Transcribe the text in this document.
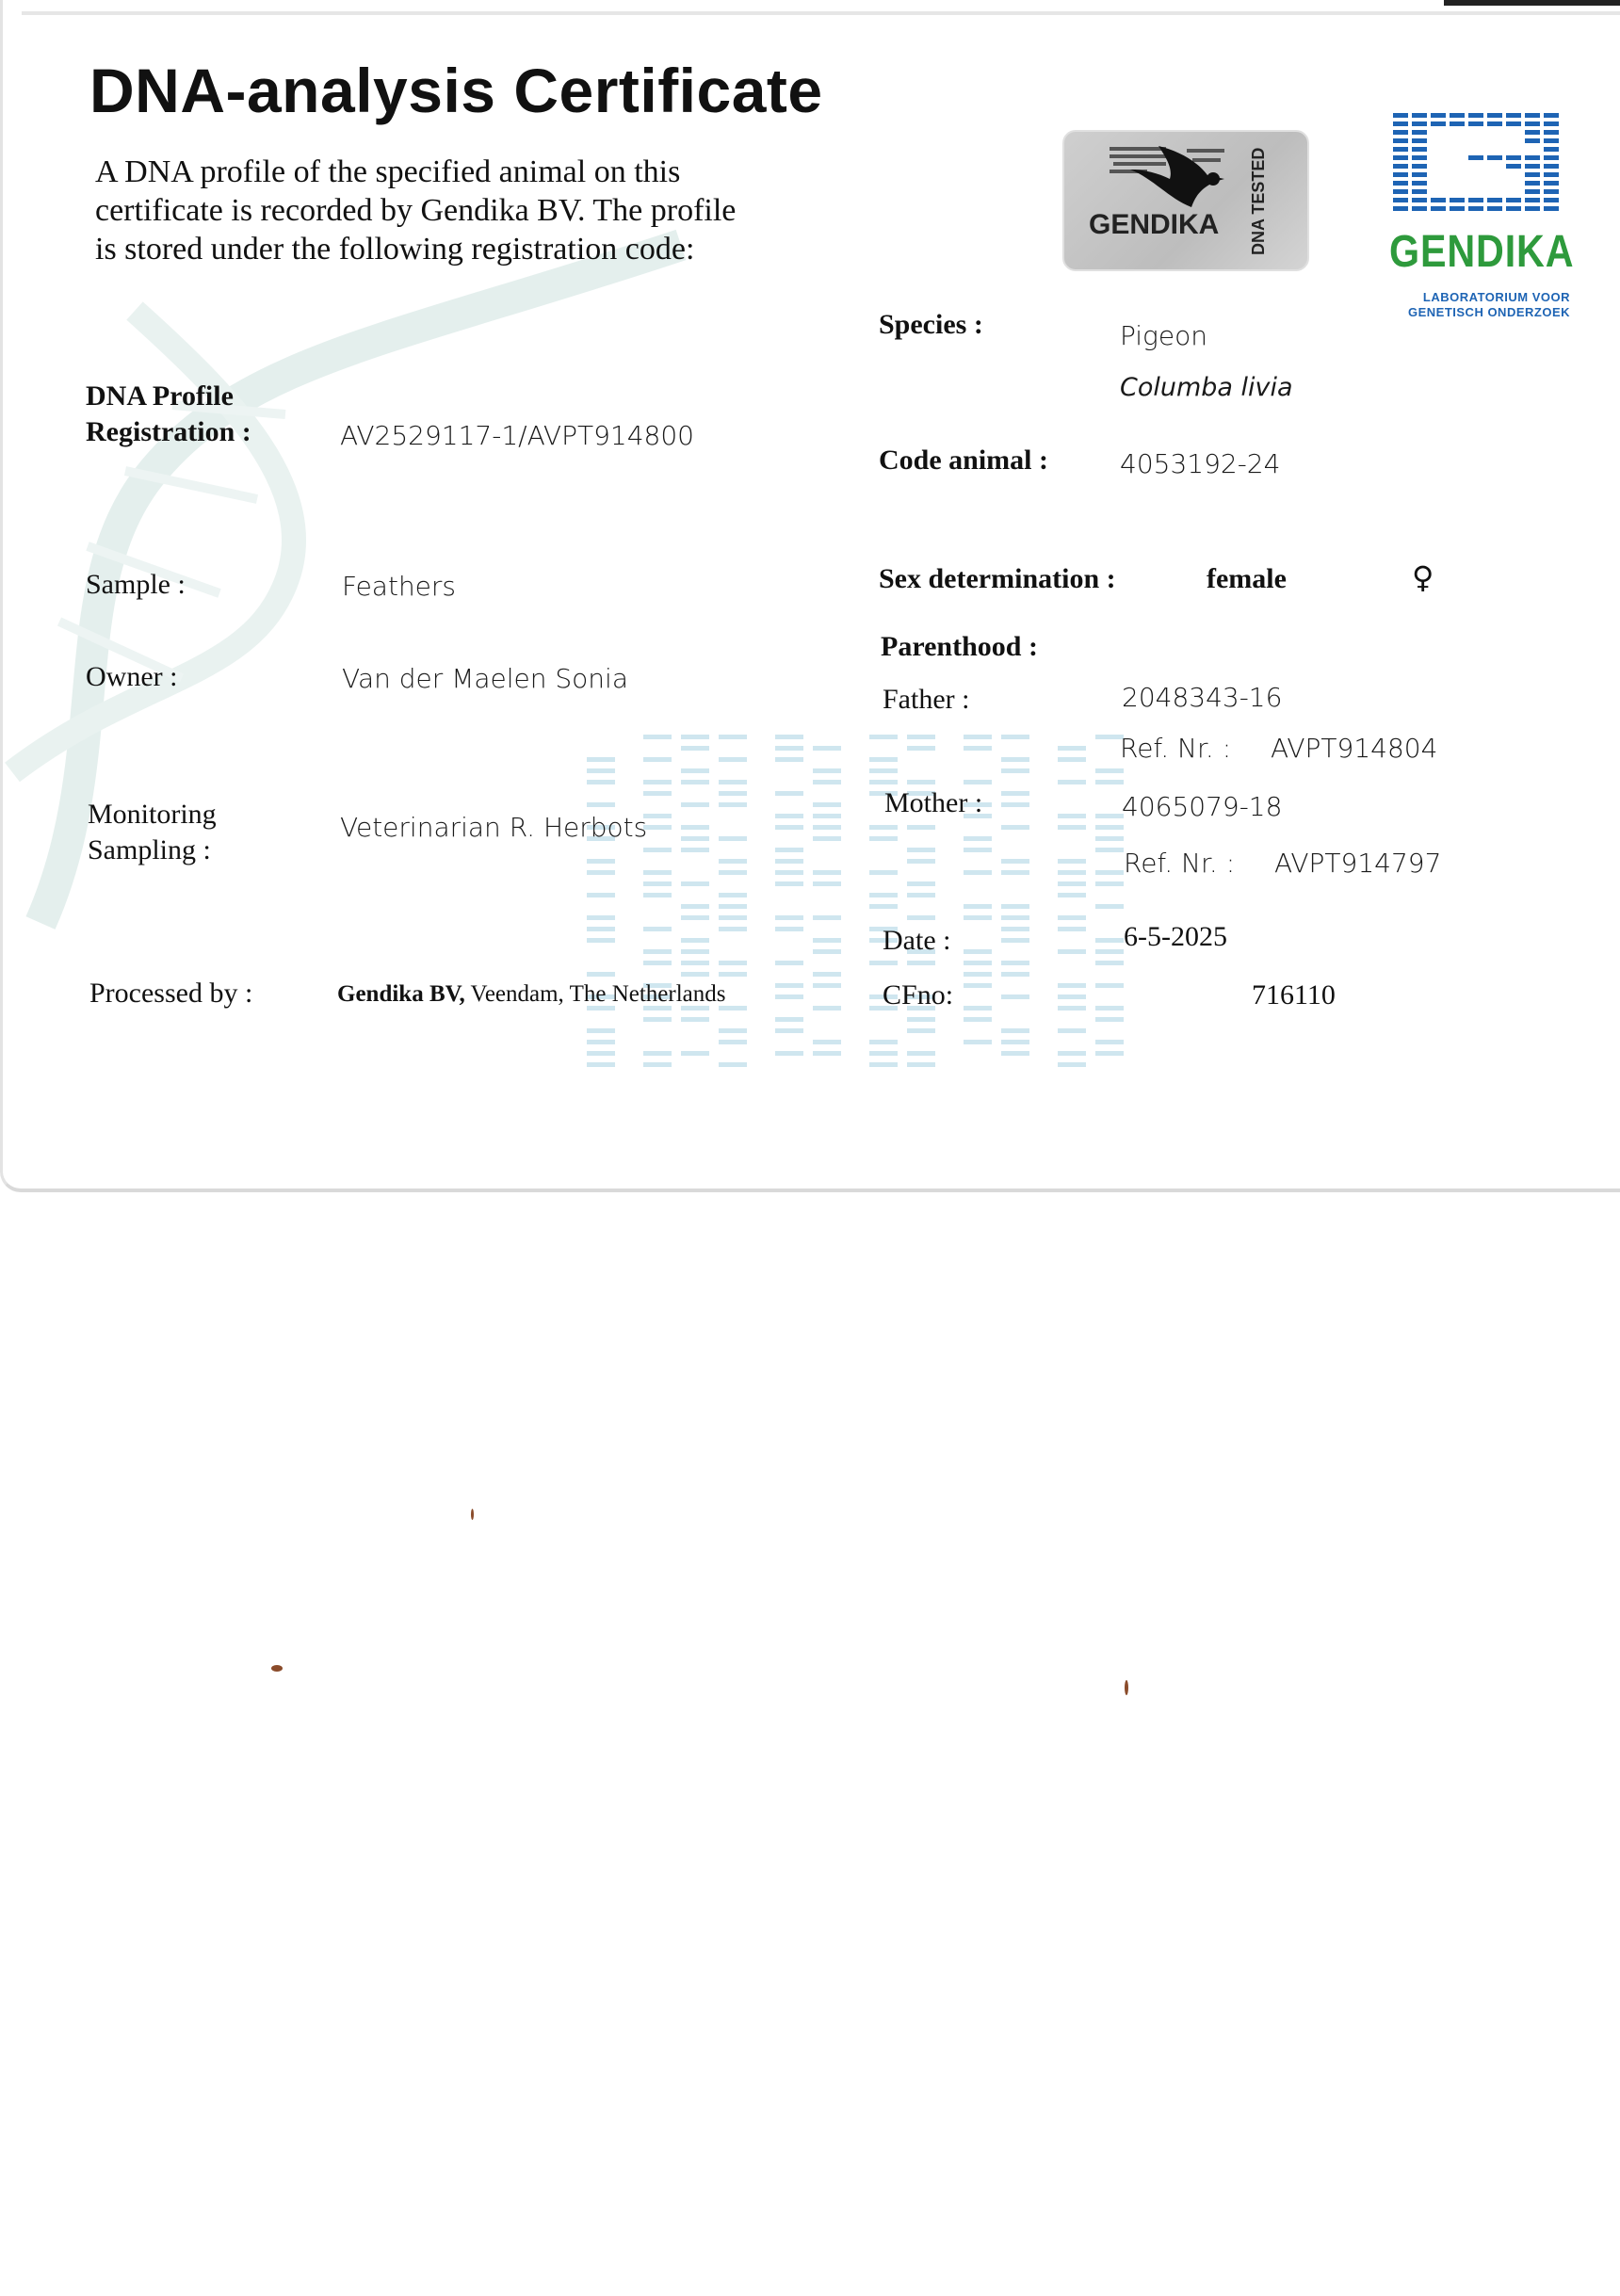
DNA-analysis Certificate
A DNA profile of the specified animal on this certificate is recorded by Gendika BV. The profile is stored under the following registration code:
DNA Profile
Registration :	AV2529117-1/AVPT914800
Sample :	Feathers
Owner :	Van der Maelen Sonia
Monitoring
Sampling :
Veterinarian R. Herbots
Processed by :	Gendika BV, Veendam, The Netherlands
Species :	Pigeon
Columba livia
Code animal :	4053192-24
Sex determination :	female	♀
Parenthood :
Father :	2048343-16
Ref. Nr. : AVPT914804
Mother :	4065079-18
Ref. Nr. : AVPT914797
Date :	6-5-2025
CFno:	716110
GENDIKA DNA TESTED	GENDIKA
LABORATORIUM VOOR
GENETISCH ONDERZOEK
